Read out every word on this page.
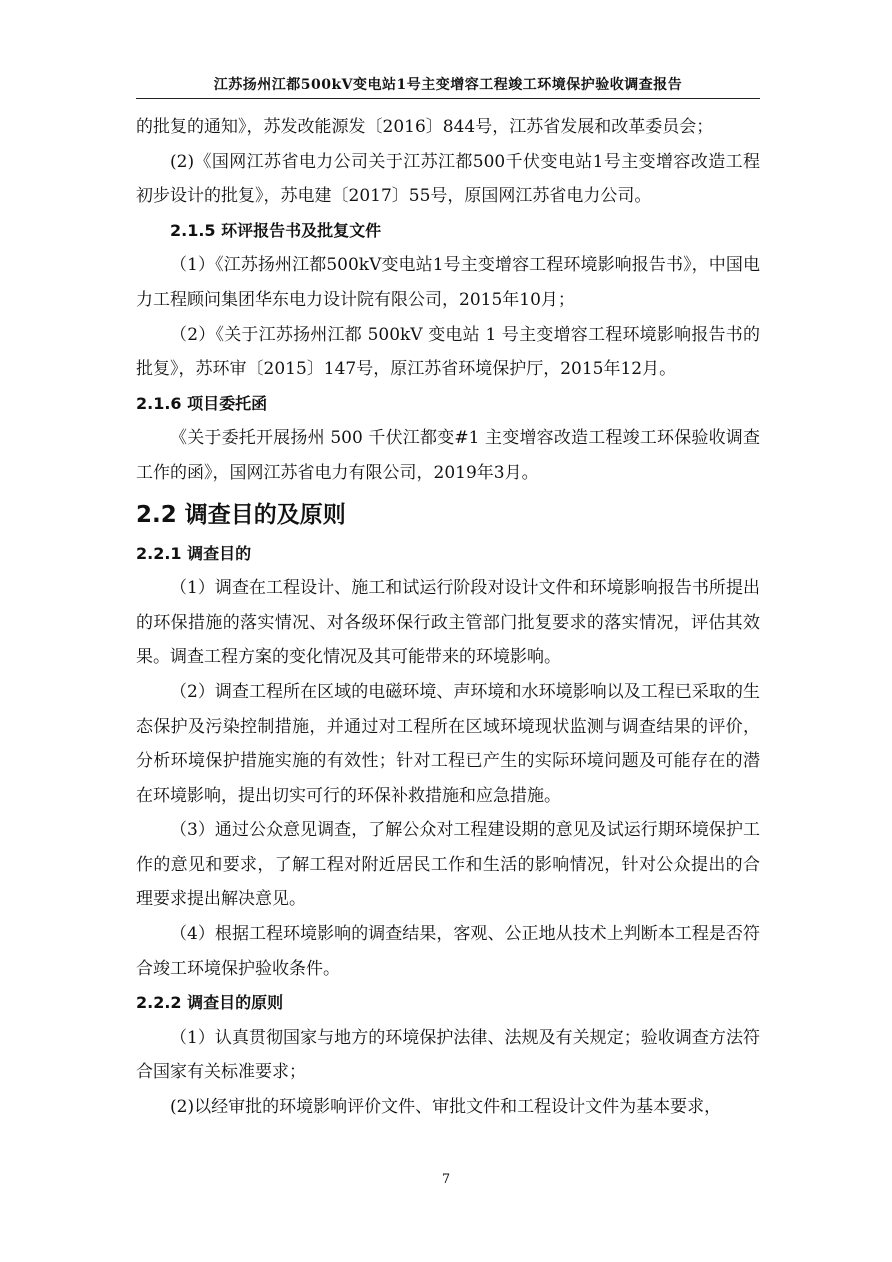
江苏扬州江都500kV变电站1号主变增容工程竣工环境保护验收调查报告

的批复的通知》，苏发改能源发〔2016〕844号，江苏省发展和改革委员会；

(2)《国网江苏省电力公司关于江苏江都500千伏变电站1号主变增容改造工程初步设计的批复》，苏电建〔2017〕55号，原国网江苏省电力公司。

2.1.5 环评报告书及批复文件

（1）《江苏扬州江都500kV变电站1号主变增容工程环境影响报告书》，中国电力工程顾问集团华东电力设计院有限公司，2015年10月；

（2）《关于江苏扬州江都 500kV 变电站 1 号主变增容工程环境影响报告书的批复》，苏环审〔2015〕147号，原江苏省环境保护厅，2015年12月。

2.1.6 项目委托函

《关于委托开展扬州 500 千伏江都变#1 主变增容改造工程竣工环保验收调查工作的函》，国网江苏省电力有限公司，2019年3月。

2.2 调查目的及原则

2.2.1 调查目的

（1）调查在工程设计、施工和试运行阶段对设计文件和环境影响报告书所提出的环保措施的落实情况、对各级环保行政主管部门批复要求的落实情况，评估其效果。调查工程方案的变化情况及其可能带来的环境影响。

（2）调查工程所在区域的电磁环境、声环境和水环境影响以及工程已采取的生态保护及污染控制措施，并通过对工程所在区域环境现状监测与调查结果的评价，分析环境保护措施实施的有效性；针对工程已产生的实际环境问题及可能存在的潜在环境影响，提出切实可行的环保补救措施和应急措施。

（3）通过公众意见调查，了解公众对工程建设期的意见及试运行期环境保护工作的意见和要求，了解工程对附近居民工作和生活的影响情况，针对公众提出的合理要求提出解决意见。

（4）根据工程环境影响的调查结果，客观、公正地从技术上判断本工程是否符合竣工环境保护验收条件。

2.2.2 调查目的原则

（1）认真贯彻国家与地方的环境保护法律、法规及有关规定；验收调查方法符合国家有关标准要求；

(2)以经审批的环境影响评价文件、审批文件和工程设计文件为基本要求，

7
